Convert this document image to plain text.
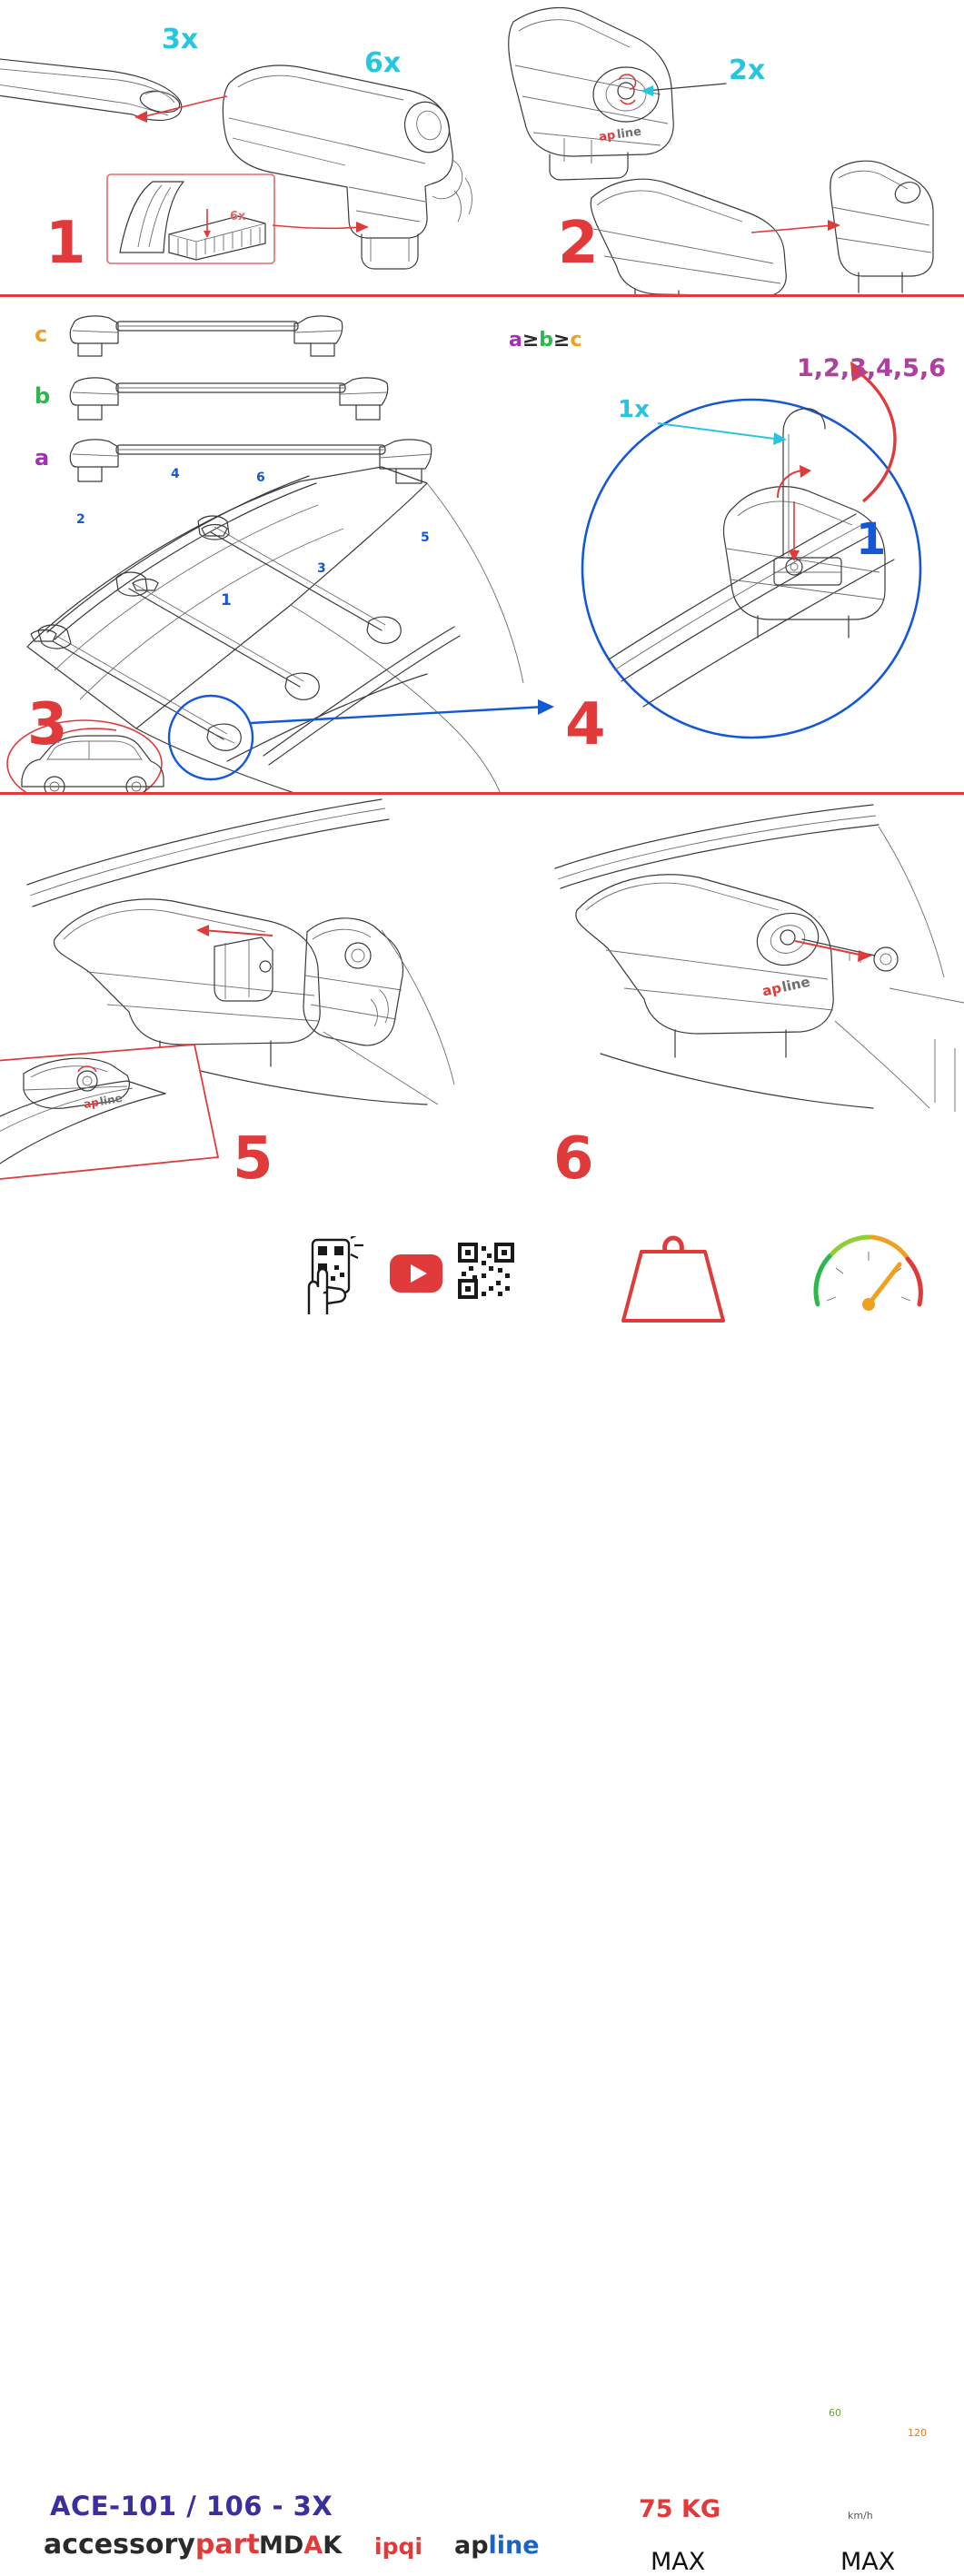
3x
6x
6x
1
ap line
2x
2
c
b
a
a≥b≥c
2
4	6
3
5
1
3
1x
1,2,3,4,5,6
1
4
ap
line
5
ap
line
6
ACE-101 / 106 - 3X
accessorypart MDAK ipqi apline
75 KG
MAX
60
120
km/h
MAX
